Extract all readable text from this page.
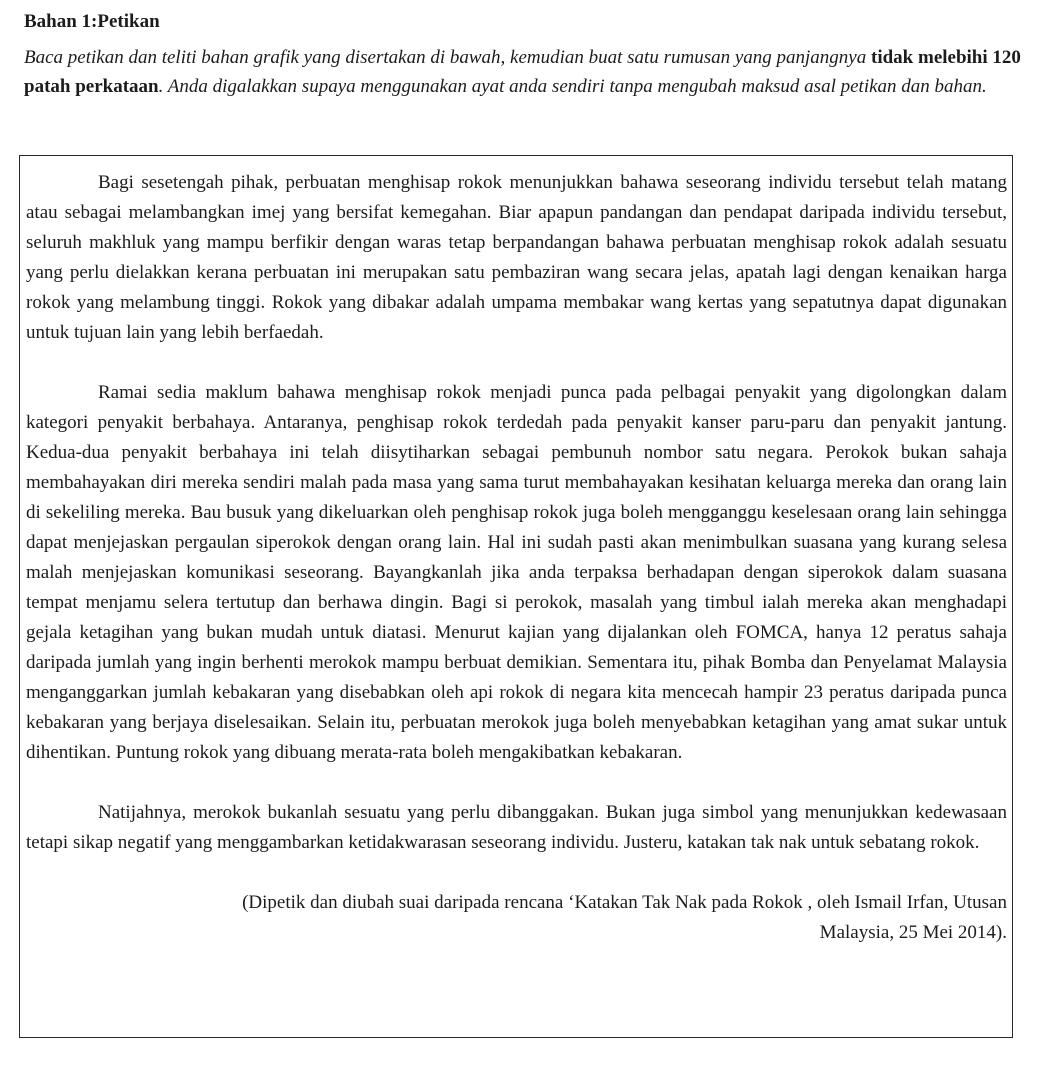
Bahan 1:Petikan
Baca petikan dan teliti bahan grafik yang disertakan di bawah, kemudian buat satu rumusan yang panjangnya tidak melebihi 120 patah perkataan. Anda digalakkan supaya menggunakan ayat anda sendiri tanpa mengubah maksud asal petikan dan bahan.

Bagi sesetengah pihak, perbuatan menghisap rokok menunjukkan bahawa seseorang individu tersebut telah matang atau sebagai melambangkan imej yang bersifat kemegahan. Biar apapun pandangan dan pendapat daripada individu tersebut, seluruh makhluk yang mampu berfikir dengan waras tetap berpandangan bahawa perbuatan menghisap rokok adalah sesuatu yang perlu dielakkan kerana perbuatan ini merupakan satu pembaziran wang secara jelas, apatah lagi dengan kenaikan harga rokok yang melambung tinggi. Rokok yang dibakar adalah umpama membakar wang kertas yang sepatutnya dapat digunakan untuk tujuan lain yang lebih berfaedah.

Ramai sedia maklum bahawa menghisap rokok menjadi punca pada pelbagai penyakit yang digolongkan dalam kategori penyakit berbahaya. Antaranya, penghisap rokok terdedah pada penyakit kanser paru-paru dan penyakit jantung. Kedua-dua penyakit berbahaya ini telah diisytiharkan sebagai pembunuh nombor satu negara. Perokok bukan sahaja membahayakan diri mereka sendiri malah pada masa yang sama turut membahayakan kesihatan keluarga mereka dan orang lain di sekeliling mereka. Bau busuk yang dikeluarkan oleh penghisap rokok juga boleh mengganggu keselesaan orang lain sehingga dapat menjejaskan pergaulan siperokok dengan orang lain. Hal ini sudah pasti akan menimbulkan suasana yang kurang selesa malah menjejaskan komunikasi seseorang. Bayangkanlah jika anda terpaksa berhadapan dengan siperokok dalam suasana tempat menjamu selera tertutup dan berhawa dingin. Bagi si perokok, masalah yang timbul ialah mereka akan menghadapi gejala ketagihan yang bukan mudah untuk diatasi. Menurut kajian yang dijalankan oleh FOMCA, hanya 12 peratus sahaja daripada jumlah yang ingin berhenti merokok mampu berbuat demikian. Sementara itu, pihak Bomba dan Penyelamat Malaysia menganggarkan jumlah kebakaran yang disebabkan oleh api rokok di negara kita mencecah hampir 23 peratus daripada punca kebakaran yang berjaya diselesaikan. Selain itu, perbuatan merokok juga boleh menyebabkan ketagihan yang amat sukar untuk dihentikan. Puntung rokok yang dibuang merata-rata boleh mengakibatkan kebakaran.

Natijahnya, merokok bukanlah sesuatu yang perlu dibanggakan. Bukan juga simbol yang menunjukkan kedewasaan tetapi sikap negatif yang menggambarkan ketidakwarasan seseorang individu. Justeru, katakan tak nak untuk sebatang rokok.

(Dipetik dan diubah suai daripada rencana ‘Katakan Tak Nak pada Rokok , oleh Ismail Irfan, Utusan
Malaysia, 25 Mei 2014).
